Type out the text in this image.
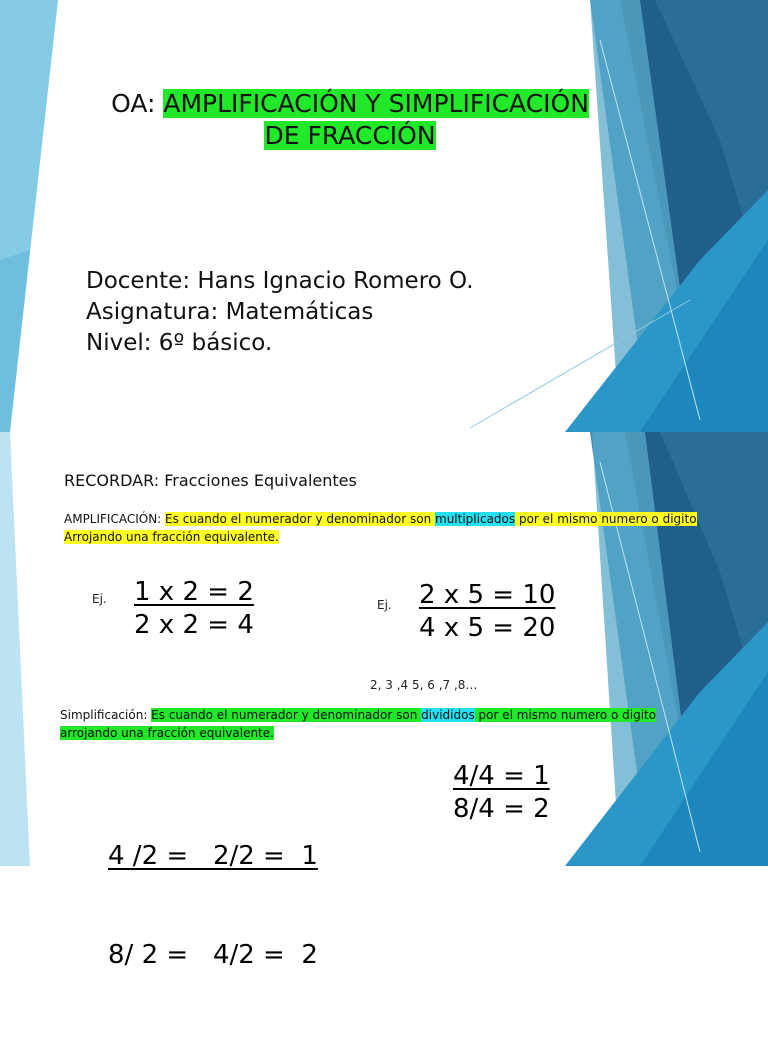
OA: AMPLIFICACIÓN Y SIMPLIFICACIÓN
DE FRACCIÓN
Docente: Hans Ignacio Romero O.
Asignatura: Matemáticas
Nivel: 6º básico.
RECORDAR: Fracciones Equivalentes
AMPLIFICACIÓN: Es cuando el numerador y denominador son multiplicados por el mismo numero o digito
Arrojando una fracción equivalente.
Ej. $\frac{1 x 2 = 2}{2 x 2 = 4}$	Ej. $\frac{2 x 5 = 10}{4 x 5 = 20}$
2, 3 ,4 5, 6 ,7 ,8…
Simplificación: Es cuando el numerador y denominador son divididos por el mismo numero o digito
arrojando una fracción equivalente.

$\frac{4 /2 = 2/2 = 1}{8/ 2 = 4/2 = 2}$

	$\frac{4/4 = 1}{8/4 = 2}$
